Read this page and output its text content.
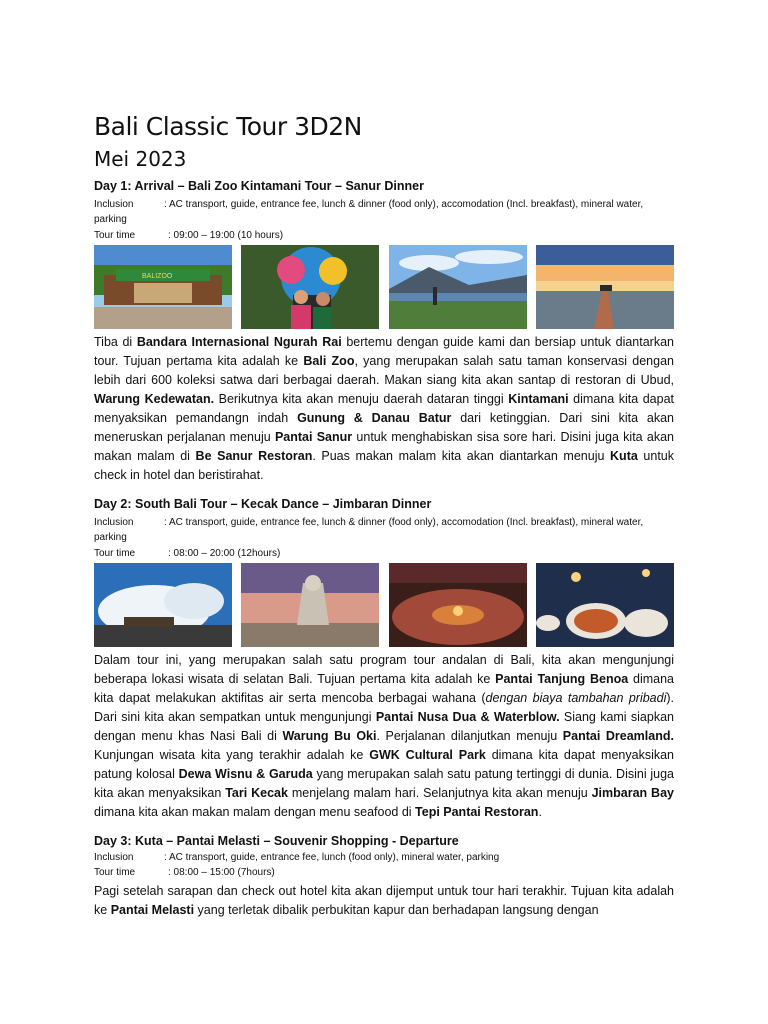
Bali Classic Tour 3D2N
Mei 2023
Day 1: Arrival – Bali Zoo Kintamani Tour – Sanur Dinner
Inclusion	: AC transport, guide, entrance fee, lunch & dinner (food only), accomodation (Incl. breakfast), mineral water, parking
Tour time	: 09:00 – 19:00 (10 hours)
BALIZOO

Tiba di Bandara Internasional Ngurah Rai bertemu dengan guide kami dan bersiap untuk diantarkan tour. Tujuan pertama kita adalah ke Bali Zoo, yang merupakan salah satu taman konservasi dengan lebih dari 600 koleksi satwa dari berbagai daerah. Makan siang kita akan santap di restoran di Ubud, Warung Kedewatan. Berikutnya kita akan menuju daerah dataran tinggi Kintamani dimana kita dapat menyaksikan pemandangn indah Gunung & Danau Batur dari ketinggian. Dari sini kita akan meneruskan perjalanan menuju Pantai Sanur untuk menghabiskan sisa sore hari. Disini juga kita akan makan malam di Be Sanur Restoran. Puas makan malam kita akan diantarkan menuju Kuta untuk check in hotel dan beristirahat.

Day 2: South Bali Tour – Kecak Dance – Jimbaran Dinner
Inclusion	: AC transport, guide, entrance fee, lunch & dinner (food only), accomodation (Incl. breakfast), mineral water, parking
Tour time	: 08:00 – 20:00 (12hours)

Dalam tour ini, yang merupakan salah satu program tour andalan di Bali, kita akan mengunjungi beberapa lokasi wisata di selatan Bali. Tujuan pertama kita adalah ke Pantai Tanjung Benoa dimana kita dapat melakukan aktifitas air serta mencoba berbagai wahana (dengan biaya tambahan pribadi). Dari sini kita akan sempatkan untuk mengunjungi Pantai Nusa Dua & Waterblow. Siang kami siapkan dengan menu khas Nasi Bali di Warung Bu Oki. Perjalanan dilanjutkan menuju Pantai Dreamland. Kunjungan wisata kita yang terakhir adalah ke GWK Cultural Park dimana kita dapat menyaksikan patung kolosal Dewa Wisnu & Garuda yang merupakan salah satu patung tertinggi di dunia. Disini juga kita akan menyaksikan Tari Kecak menjelang malam hari. Selanjutnya kita akan menuju Jimbaran Bay dimana kita akan makan malam dengan menu seafood di Tepi Pantai Restoran.

Day 3: Kuta – Pantai Melasti – Souvenir Shopping - Departure
Inclusion	: AC transport, guide, entrance fee, lunch (food only), mineral water, parking
Tour time	: 08:00 – 15:00 (7hours)

Pagi setelah sarapan dan check out hotel kita akan dijemput untuk tour hari terakhir. Tujuan kita adalah ke Pantai Melasti yang terletak dibalik perbukitan kapur dan berhadapan langsung dengan
